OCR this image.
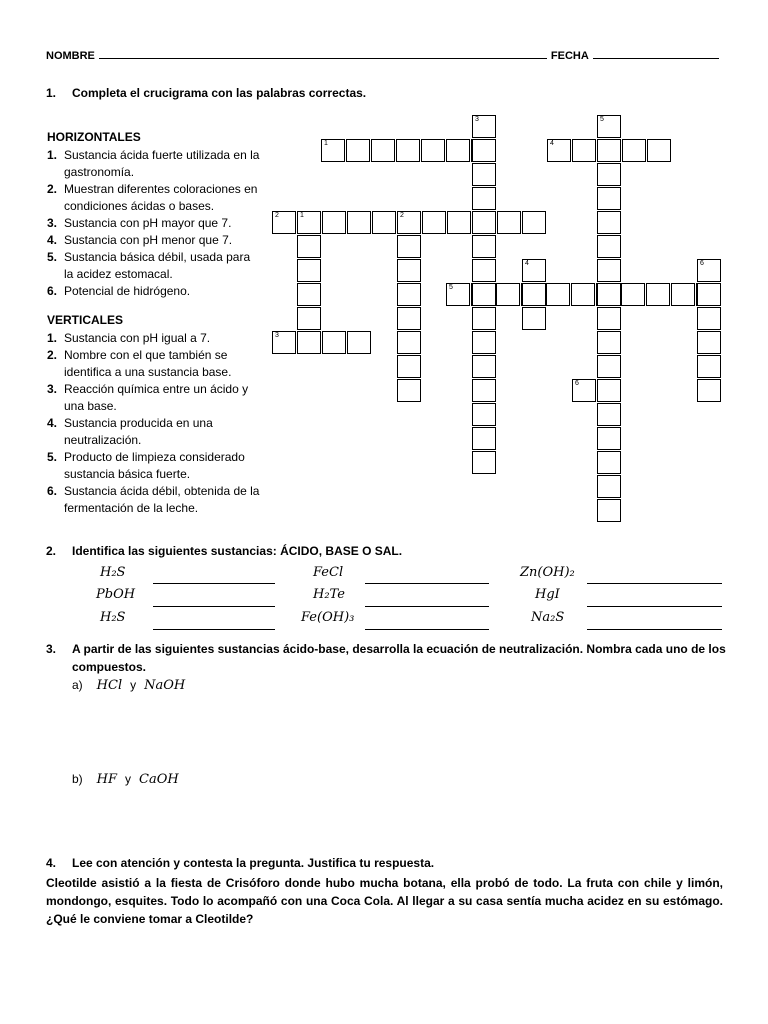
NOMBRE	FECHA
1. Completa el crucigrama con las palabras correctas.
HORIZONTALES
1. Sustancia ácida fuerte utilizada en la gastronomía.
2. Muestran diferentes coloraciones en condiciones ácidas o bases.
3. Sustancia con pH mayor que 7.
4. Sustancia con pH menor que 7.
5. Sustancia básica débil, usada para la acidez estomacal.
6. Potencial de hidrógeno.
VERTICALES
1. Sustancia con pH igual a 7.
2. Nombre con el que también se identifica a una sustancia base.
3. Reacción química entre un ácido y una base.
4. Sustancia producida en una neutralización.
5. Producto de limpieza considerado sustancia básica fuerte.
6. Sustancia ácida débil, obtenida de la fermentación de la leche.
1	4
2	1	2
5
3
6
3
4
5
6
2. Identifica las siguientes sustancias: ÁCIDO, BASE O SAL.
H₂S	FeCl	Zn(OH)₂
PbOH	H₂Te	HgI
H₂S	Fe(OH)₃	Na₂S
3.	A partir de las siguientes sustancias ácido-base, desarrolla la ecuación de neutralización. Nombra cada uno de los compuestos.
a) HCl y NaOH
b) HF y CaOH
4. Lee con atención y contesta la pregunta. Justifica tu respuesta.
Cleotilde asistió a la fiesta de Crisóforo donde hubo mucha botana, ella probó de todo. La fruta con chile y limón, mondongo, esquites. Todo lo acompañó con una Coca Cola. Al llegar a su casa sentía mucha acidez en su estómago. ¿Qué le conviene tomar a Cleotilde?
